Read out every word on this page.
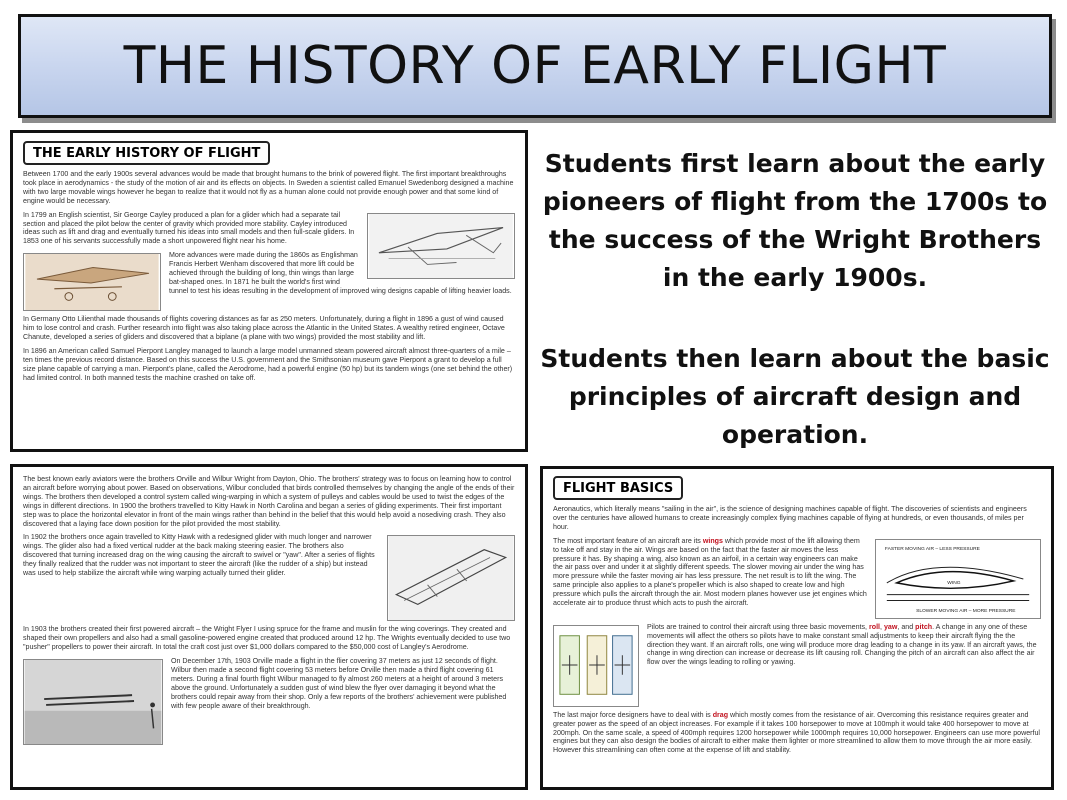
THE HISTORY OF EARLY FLIGHT
THE EARLY HISTORY OF FLIGHT
Between 1700 and the early 1900s several advances would be made that brought humans to the brink of powered flight. The first important breakthroughs took place in aerodynamics - the study of the motion of air and its effects on objects. In Sweden a scientist called Emanuel Swedenborg designed a machine with two large movable wings however he began to realize that it would not fly as a human alone could not provide enough power and that some kind of engine would be necessary.
In 1799 an English scientist, Sir George Cayley produced a plan for a glider which had a separate tail section and placed the pilot below the center of gravity which provided more stability. Cayley introduced ideas such as lift and drag and eventually turned his ideas into small models and then full-scale gliders. In 1853 one of his servants successfully made a short unpowered flight near his home.
More advances were made during the 1860s as Englishman Francis Herbert Wenham discovered that more lift could be achieved through the building of long, thin wings than large bat-shaped ones. In 1871 he built the world's first wind tunnel to test his ideas resulting in the development of improved wing designs capable of lifting heavier loads.
In Germany Otto Lilienthal made thousands of flights covering distances as far as 250 meters. Unfortunately, during a flight in 1896 a gust of wind caused him to lose control and crash. Further research into flight was also taking place across the Atlantic in the United States. A wealthy retired engineer, Octave Chanute, developed a series of gliders and discovered that a biplane (a plane with two wings) provided the most stability and lift.
In 1896 an American called Samuel Pierpont Langley managed to launch a large model unmanned steam powered aircraft almost three-quarters of a mile – ten times the previous record distance. Based on this success the U.S. government and the Smithsonian museum gave Pierpont a grant to develop a full size plane capable of carrying a man. Pierpont's plane, called the Aerodrome, had a powerful engine (50 hp) but its tandem wings (one set behind the other) had limited control. In both manned tests the machine crashed on take off.
Students first learn about the early pioneers of flight from the 1700s to the success of the Wright Brothers in the early 1900s.
Students then learn about the basic principles of aircraft design and operation.
The best known early aviators were the brothers Orville and Wilbur Wright from Dayton, Ohio. The brothers' strategy was to focus on learning how to control an aircraft before worrying about power. Based on observations, Wilbur concluded that birds controlled themselves by changing the angle of the ends of their wings. The brothers then developed a control system called wing-warping in which a system of pulleys and cables would be used to twist the edges of the wings in different directions. In 1900 the brothers travelled to Kitty Hawk in North Carolina and began a series of gliding experiments. Their first important step was to place the horizontal elevator in front of the main wings rather than behind in the belief that this would help avoid a nosediving crash. They also discovered that a laying face down position for the pilot provided the most stability.
In 1902 the brothers once again travelled to Kitty Hawk with a redesigned glider with much longer and narrower wings. The glider also had a fixed vertical rudder at the back making steering easier. The brothers also discovered that turning increased drag on the wing causing the aircraft to swivel or "yaw". After a series of flights they finally realized that the rudder was not important to steer the aircraft (like the rudder of a ship) but instead was used to help stabilize the aircraft while wing warping actually turned their glider.
In 1903 the brothers created their first powered aircraft – the Wright Flyer I using spruce for the frame and muslin for the wing coverings. They created and shaped their own propellers and also had a small gasoline-powered engine created that produced around 12 hp. The Wrights eventually decided to use two "pusher" propellers to power their aircraft. In total the craft cost just over $1,000 dollars compared to the $50,000 cost of Langley's Aerodrome.
On December 17th, 1903 Orville made a flight in the flier covering 37 meters as just 12 seconds of flight. Wilbur then made a second flight covering 53 meters before Orville then made a third flight covering 61 meters. During a final fourth flight Wilbur managed to fly almost 260 meters at a height of around 3 meters above the ground. Unfortunately a sudden gust of wind blew the flyer over damaging it beyond what the brothers could repair away from their shop. Only a few reports of the brothers' achievement were published with few people aware of their breakthrough.
FLIGHT BASICS
Aeronautics, which literally means "sailing in the air", is the science of designing machines capable of flight. The discoveries of scientists and engineers over the centuries have allowed humans to create increasingly complex flying machines capable of flying at hundreds, or even thousands, of miles per hour.
FASTER MOVING AIR – LESS PRESSURE
WING
SLOWER MOVING AIR – MORE PRESSURE
The most important feature of an aircraft are its wings which provide most of the lift allowing them to take off and stay in the air. Wings are based on the fact that the faster air moves the less pressure it has. By shaping a wing, also known as an airfoil, in a certain way engineers can make the air pass over and under it at slightly different speeds. The slower moving air under the wing has more pressure while the faster moving air has less pressure. The net result is to lift the wing. The same principle also applies to a plane's propeller which is also shaped to create low and high pressure which pulls the aircraft through the air. Most modern planes however use jet engines which accelerate air to produce thrust which acts to push the aircraft.
Pilots are trained to control their aircraft using three basic movements, roll, yaw, and pitch. A change in any one of these movements will affect the others so pilots have to make constant small adjustments to keep their aircraft flying the the direction they want. If an aircraft rolls, one wing will produce more drag leading to a change in its yaw. If an aircraft yaws, the change in wing direction can increase or decrease its lift causing roll. Changing the pitch of an aircraft can also affect the air flow over the wings leading to rolling or yawing.
The last major force designers have to deal with is drag which mostly comes from the resistance of air. Overcoming this resistance requires greater and greater power as the speed of an object increases. For example if it takes 100 horsepower to move at 100mph it would take 400 horsepower to move at 200mph. On the same scale, a speed of 400mph requires 1200 horsepower while 1000mph requires 10,000 horsepower. Engineers can use more powerful engines but they can also design the bodies of aircraft to either make them lighter or more streamlined to allow them to move through the air more easily. However this streamlining can often come at the expense of lift and stability.
